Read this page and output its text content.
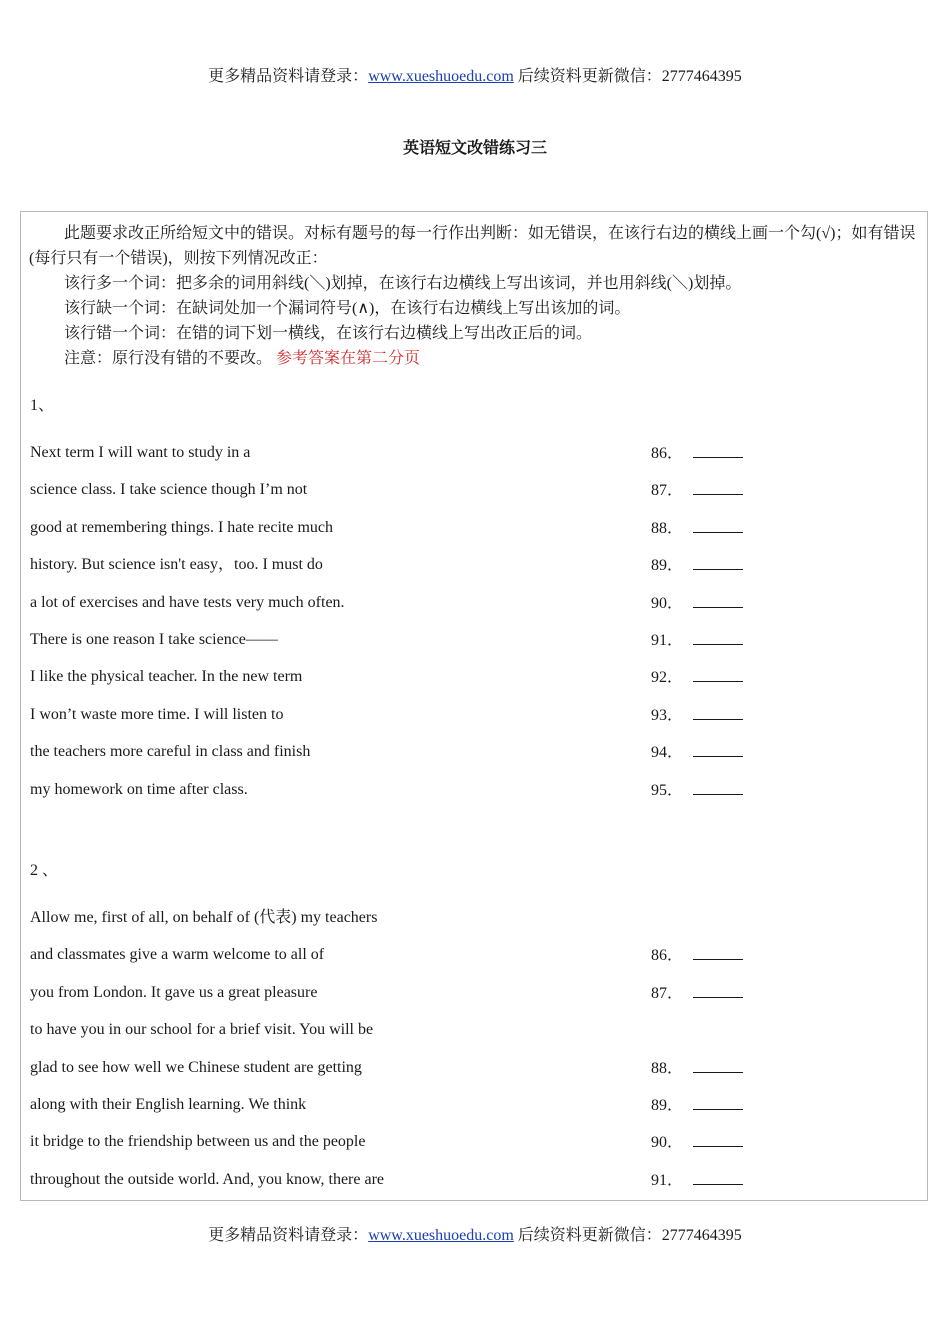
更多精品资料请登录：www.xueshuoedu.com 后续资料更新微信：2777464395
英语短文改错练习三
此题要求改正所给短文中的错误。对标有题号的每一行作出判断：如无错误，在该行右边的横线上画一个勾(√)；如有错误(每行只有一个错误)，则按下列情况改正：
该行多一个词：把多余的词用斜线(＼)划掉，在该行右边横线上写出该词，并也用斜线(＼)划掉。
该行缺一个词：在缺词处加一个漏词符号(∧)，在该行右边横线上写出该加的词。
该行错一个词：在错的词下划一横线，在该行右边横线上写出改正后的词。
注意：原行没有错的不要改。 参考答案在第二分页
1、
Next term I will want to study in a	86．
science class. I take science though I’m not	87．
good at remembering things. I hate recite much	88．
history. But science isn't easy，too. I must do	89．
a lot of exercises and have tests very much often.	90．
There is one reason I take science——	91．
I like the physical teacher. In the new term	92．
I won’t waste more time. I will listen to	93．
the teachers more careful in class and finish	94．
my homework on time after class.	95．
2 、
Allow me, first of all, on behalf of (代表) my teachers
and classmates give a warm welcome to all of	86．
you from London. It gave us a great pleasure	87．
to have you in our school for a brief visit. You will be
glad to see how well we Chinese student are getting	88．
along with their English learning. We think	89．
it bridge to the friendship between us and the people	90．
throughout the outside world. And, you know, there are	91．
更多精品资料请登录：www.xueshuoedu.com 后续资料更新微信：2777464395
